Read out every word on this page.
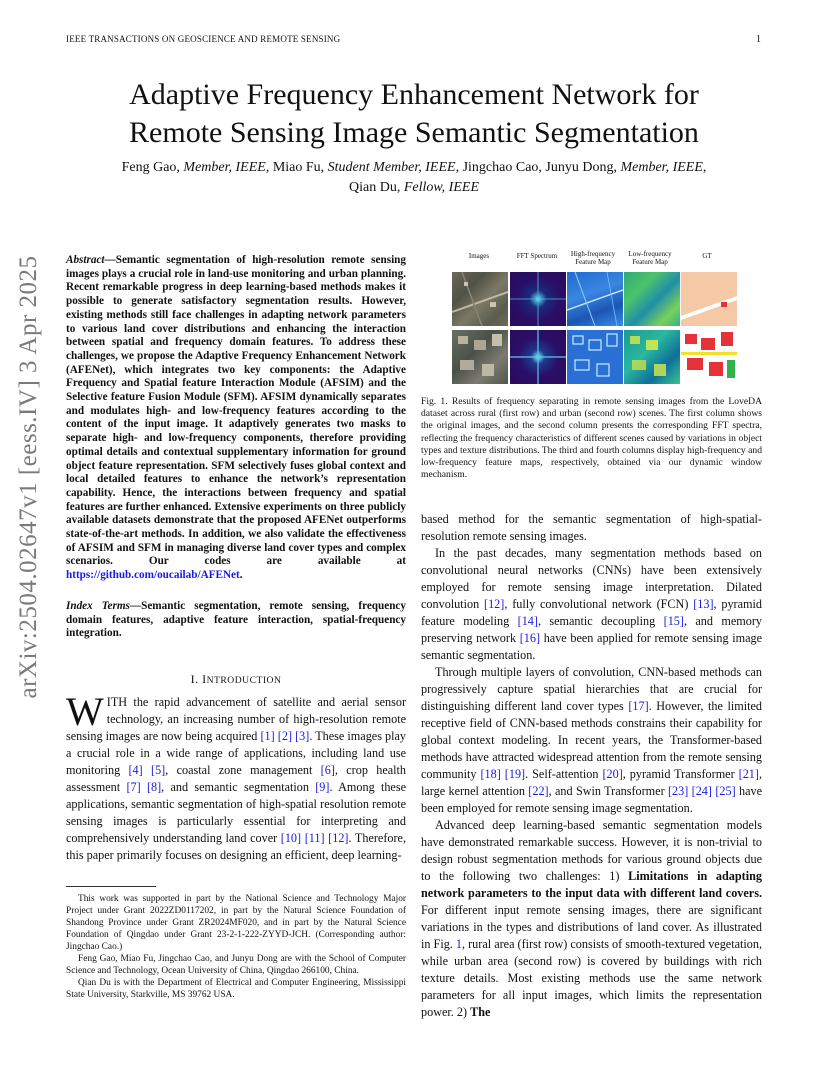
IEEE TRANSACTIONS ON GEOSCIENCE AND REMOTE SENSING	1
Adaptive Frequency Enhancement Network for
Remote Sensing Image Semantic Segmentation
Feng Gao, Member, IEEE, Miao Fu, Student Member, IEEE, Jingchao Cao, Junyu Dong, Member, IEEE,
Qian Du, Fellow, IEEE
arXiv:2504.02647v1 [eess.IV] 3 Apr 2025 Abstract—Semantic segmentation of high-resolution remote sensing images plays a crucial role in land-use monitoring and urban planning. Recent remarkable progress in deep learning-based methods makes it possible to generate satisfactory segmentation results. However, existing methods still face challenges in adapting network parameters to various land cover distributions and enhancing the interaction between spatial and frequency domain features. To address these challenges, we propose the Adaptive Frequency Enhancement Network (AFENet), which integrates two key components: the Adaptive Frequency and Spatial feature Interaction Module (AFSIM) and the Selective feature Fusion Module (SFM). AFSIM dynamically separates and modulates high- and low-frequency features according to the content of the input image. It adaptively generates two masks to separate high- and low-frequency components, therefore providing optimal details and contextual supplementary information for ground object feature representation. SFM selectively fuses global context and local detailed features to enhance the network’s representation capability. Hence, the interactions between frequency and spatial features are further enhanced. Extensive experiments on three publicly available datasets demonstrate that the proposed AFENet outperforms state-of-the-art methods. In addition, we also validate the effectiveness of AFSIM and SFM in managing diverse land cover types and complex scenarios. Our codes are available at https://github.com/oucailab/AFENet.
Index Terms—Semantic segmentation, remote sensing, frequency domain features, adaptive feature interaction, spatial-frequency integration.
I. INTRODUCTION
W ITH the rapid advancement of satellite and aerial sensor technology, an increasing number of high-resolution remote sensing images are now being acquired [1] [2] [3]. These images play a crucial role in a wide range of applications, including land use monitoring [4] [5], coastal zone management [6], crop health assessment [7] [8], and semantic segmentation [9]. Among these applications, semantic segmentation of high-spatial resolution remote sensing images is particularly essential for interpreting and comprehensively understanding land cover [10] [11] [12]. Therefore, this paper primarily focuses on designing an efficient, deep learning-

This work was supported in part by the National Science and Technology Major Project under Grant 2022ZD0117202, in part by the Natural Science Foundation of Shandong Province under Grant ZR2024MF020, and in part by the Natural Science Foundation of Qingdao under Grant 23-2-1-222-ZYYD-JCH. (Corresponding author: Jingchao Cao.)

Feng Gao, Miao Fu, Jingchao Cao, and Junyu Dong are with the School of Computer Science and Technology, Ocean University of China, Qingdao 266100, China.

Qian Du is with the Department of Electrical and Computer Engineering, Mississippi State University, Starkville, MS 39762 USA.

Images	FFT Spectrum	High-frequency Feature Map
Low-frequency Feature Map
GT
Fig. 1. Results of frequency separating in remote sensing images from the LoveDA dataset across rural (first row) and urban (second row) scenes. The first column shows the original images, and the second column presents the corresponding FFT spectra, reflecting the frequency characteristics of different scenes caused by variations in object types and texture distributions. The third and fourth columns display high-frequency and low-frequency feature maps, respectively, obtained via our dynamic window mechanism.

based method for the semantic segmentation of high-spatial-resolution remote sensing images.

In the past decades, many segmentation methods based on convolutional neural networks (CNNs) have been extensively employed for remote sensing image interpretation. Dilated convolution [12], fully convolutional network (FCN) [13], pyramid feature modeling [14], semantic decoupling [15], and memory preserving network [16] have been applied for remote sensing image semantic segmentation.

Through multiple layers of convolution, CNN-based methods can progressively capture spatial hierarchies that are crucial for distinguishing different land cover types [17]. However, the limited receptive field of CNN-based methods constrains their capability for global context modeling. In recent years, the Transformer-based methods have attracted widespread attention from the remote sensing community [18] [19]. Self-attention [20], pyramid Transformer [21], large kernel attention [22], and Swin Transformer [23] [24] [25] have been employed for remote sensing image segmentation.

Advanced deep learning-based semantic segmentation models have demonstrated remarkable success. However, it is non-trivial to design robust segmentation methods for various ground objects due to the following two challenges: 1) Limitations in adapting network parameters to the input data with different land covers. For different input remote sensing images, there are significant variations in the types and distributions of land cover. As illustrated in Fig. 1, rural area (first row) consists of smooth-textured vegetation, while urban area (second row) is covered by buildings with rich texture details. Most existing methods use the same network parameters for all input images, which limits the representation power. 2) The
